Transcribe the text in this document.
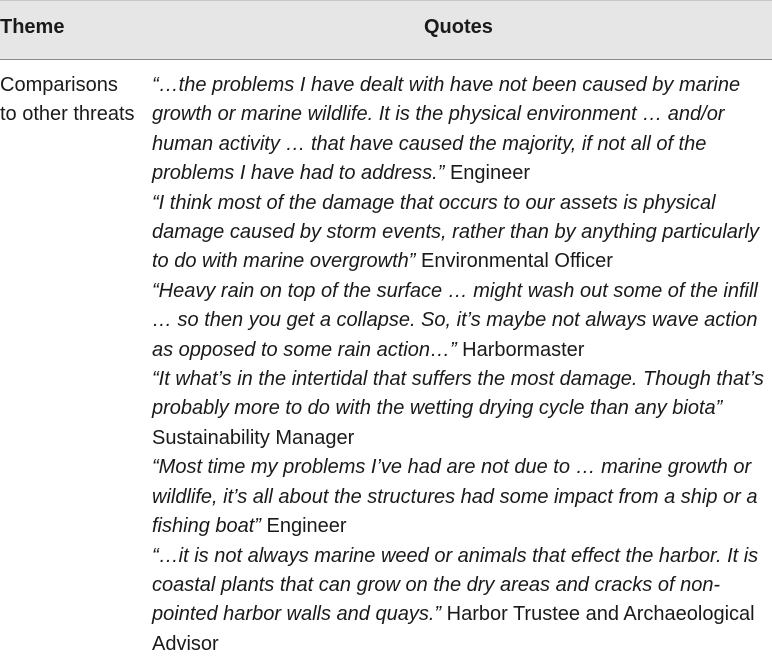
Theme	Quotes
Comparisons to other threats

“…the problems I have dealt with have not been caused by marine growth or marine wildlife. It is the physical environment … and/or human activity … that have caused the majority, if not all of the problems I have had to address.” Engineer

“I think most of the damage that occurs to our assets is physical damage caused by storm events, rather than by anything particularly to do with marine overgrowth” Environmental Officer

“Heavy rain on top of the surface … might wash out some of the infill … so then you get a collapse. So, it’s maybe not always wave action as opposed to some rain action…” Harbormaster

“It what’s in the intertidal that suffers the most damage. Though that’s probably more to do with the wetting drying cycle than any biota” Sustainability Manager

“Most time my problems I’ve had are not due to … marine growth or wildlife, it’s all about the structures had some impact from a ship or a fishing boat” Engineer

“…it is not always marine weed or animals that effect the harbor. It is coastal plants that can grow on the dry areas and cracks of non-pointed harbor walls and quays.” Harbor Trustee and Archaeological Advisor
